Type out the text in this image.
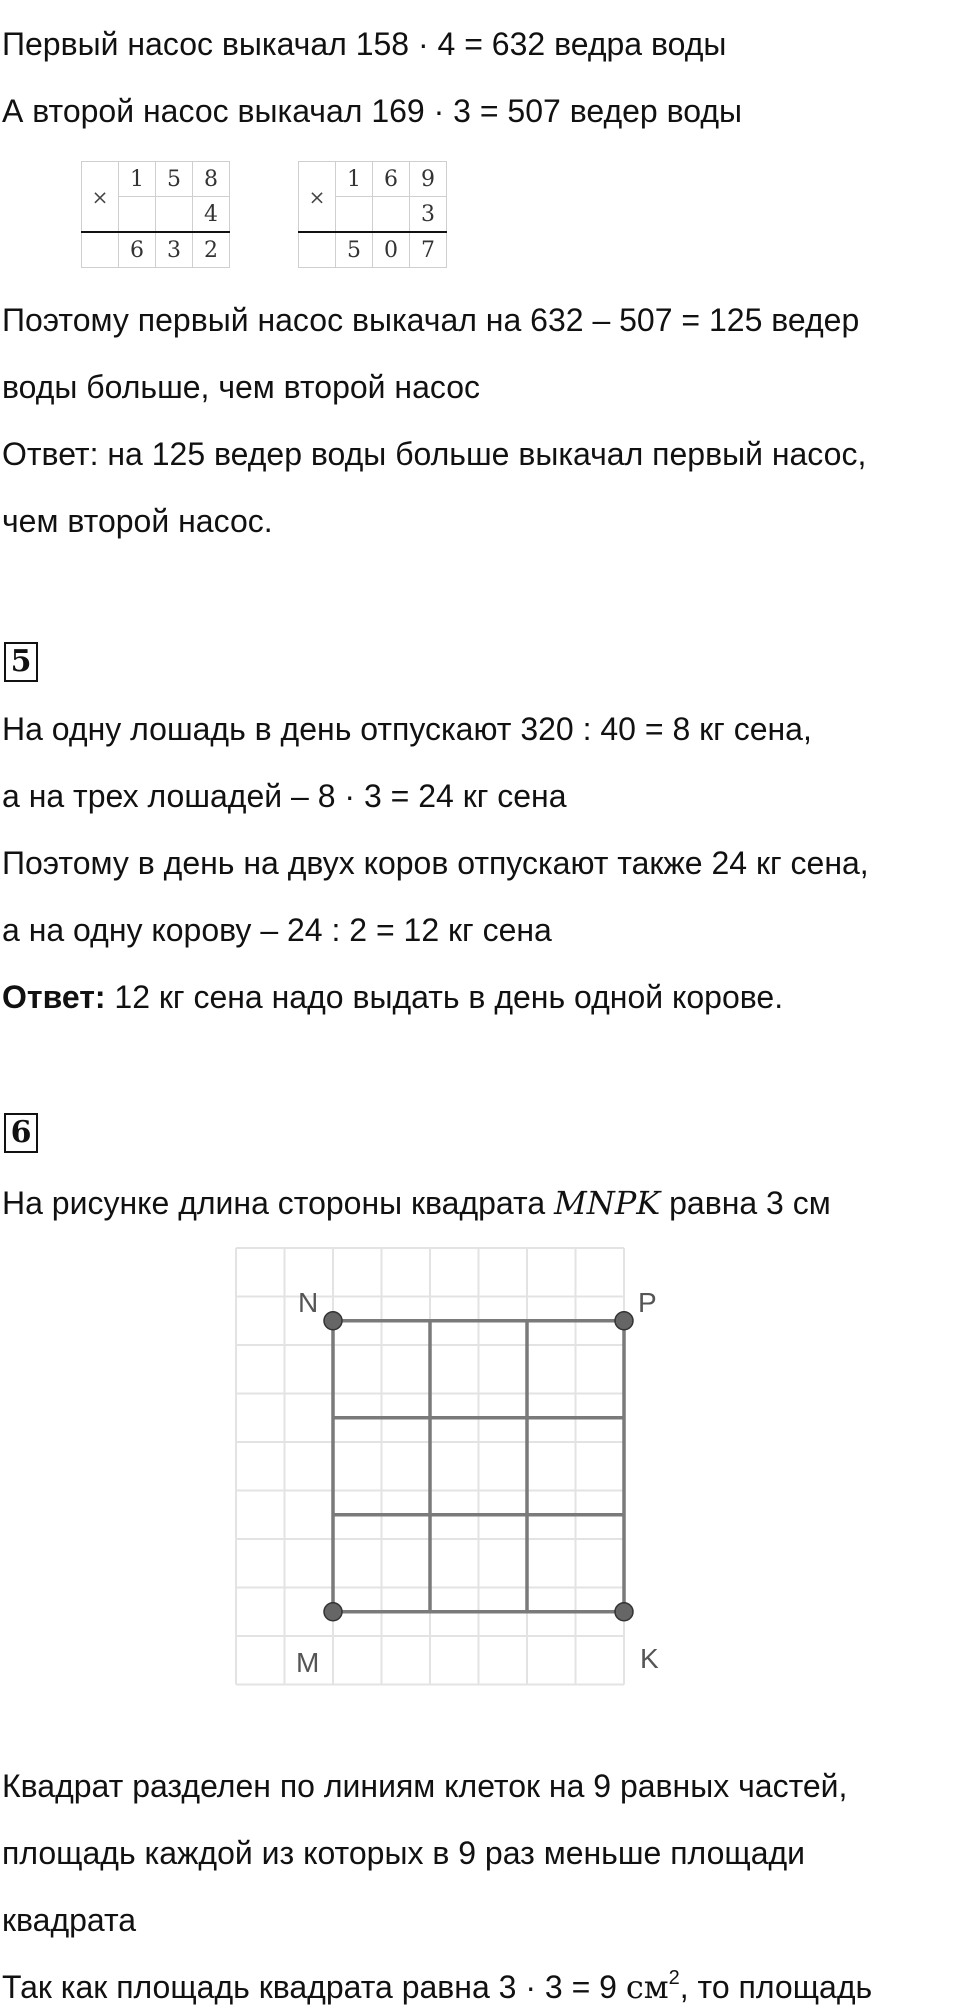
Первый насос выкачал 158 · 4 = 632 ведра воды
А второй насос выкачал 169 · 3 = 507 ведер воды
×	1	5	8
			4
	6	3	2
×	1	6	9
			3
	5	0	7
Поэтому первый насос выкачал на 632 – 507 = 125 ведер
воды больше, чем второй насос
Ответ: на 125 ведер воды больше выкачал первый насос,
чем второй насос.
5
На одну лошадь в день отпускают 320 : 40 = 8 кг сена,
а на трех лошадей – 8 · 3 = 24 кг сена
Поэтому в день на двух коров отпускают также 24 кг сена,
а на одну корову – 24 : 2 = 12 кг сена
Ответ: 12 кг сена надо выдать в день одной корове.
6
На рисунке длина стороны квадрата MNPK равна 3 см
N	P
M	K
Квадрат разделен по линиям клеток на 9 равных частей,
площадь каждой из которых в 9 раз меньше площади
квадрата
Так как площадь квадрата равна 3 · 3 = 9 $см^2$, то площадь
